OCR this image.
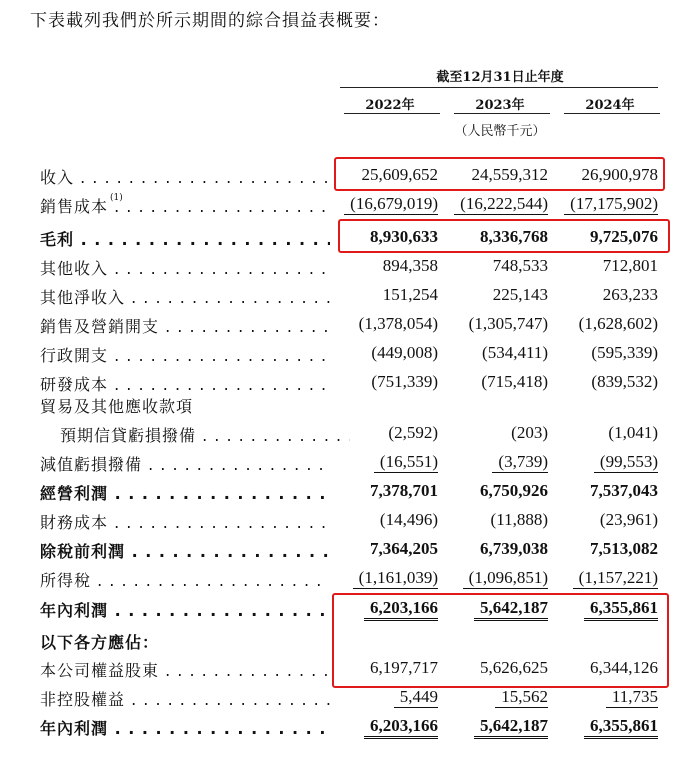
下表載列我們於所示期間的綜合損益表概要：
截至12月31日止年度
2022年	2023年	2024年
（人民幣千元）
收入 . . .	25,609,652	24,559,312	26,900,978
銷售成本 . . . (1)	(16,679,019)	(16,222,544)	(17,175,902)
毛利 . . .	8,930,633	8,336,768	9,725,076
其他收入 . . .	894,358	748,533	712,801
其他淨收入 . . .	151,254	225,143	263,233
銷售及營銷開支 . . .	(1,378,054)	(1,305,747)	(1,628,602)
行政開支 . . .	(449,008)	(534,411)	(595,339)
研發成本 . . .	(751,339)	(715,418)	(839,532)
貿易及其他應收款項
預期信貸虧損撥備 . . .	(2,592)	(203)	(1,041)
減值虧損撥備 . . .	(16,551)	(3,739)	(99,553)
經營利潤 . . .	7,378,701	6,750,926	7,537,043
財務成本 . . .	(14,496)	(11,888)	(23,961)
除稅前利潤 . . .	7,364,205	6,739,038	7,513,082
所得稅 . . .	(1,161,039)	(1,096,851)	(1,157,221)
年內利潤 . . .	6,203,166	5,642,187	6,355,861
以下各方應佔：
本公司權益股東 . . .	6,197,717	5,626,625	6,344,126
非控股權益 . . .	5,449	15,562	11,735
年內利潤 . . .	6,203,166	5,642,187	6,355,861
